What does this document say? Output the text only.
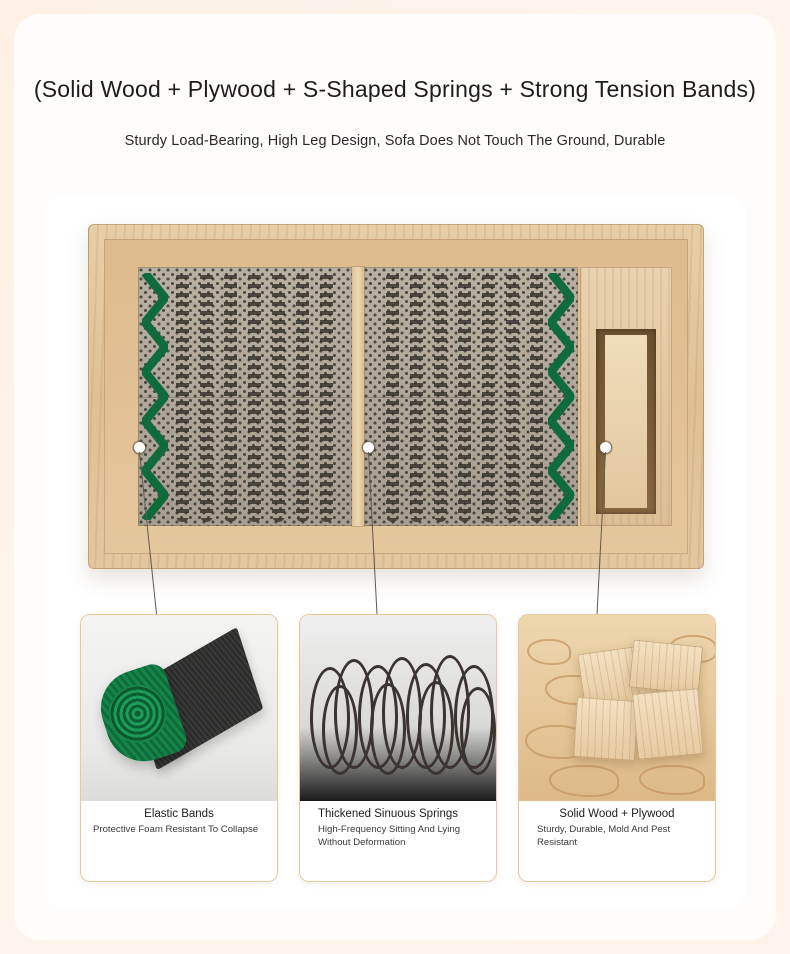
(Solid Wood + Plywood + S-Shaped Springs + Strong Tension Bands)
Sturdy Load-Bearing, High Leg Design, Sofa Does Not Touch The Ground, Durable
Elastic Bands
Protective Foam Resistant To Collapse
Thickened Sinuous Springs
High-Frequency Sitting And Lying Without Deformation
Solid Wood + Plywood
Sturdy, Durable, Mold And Pest Resistant
